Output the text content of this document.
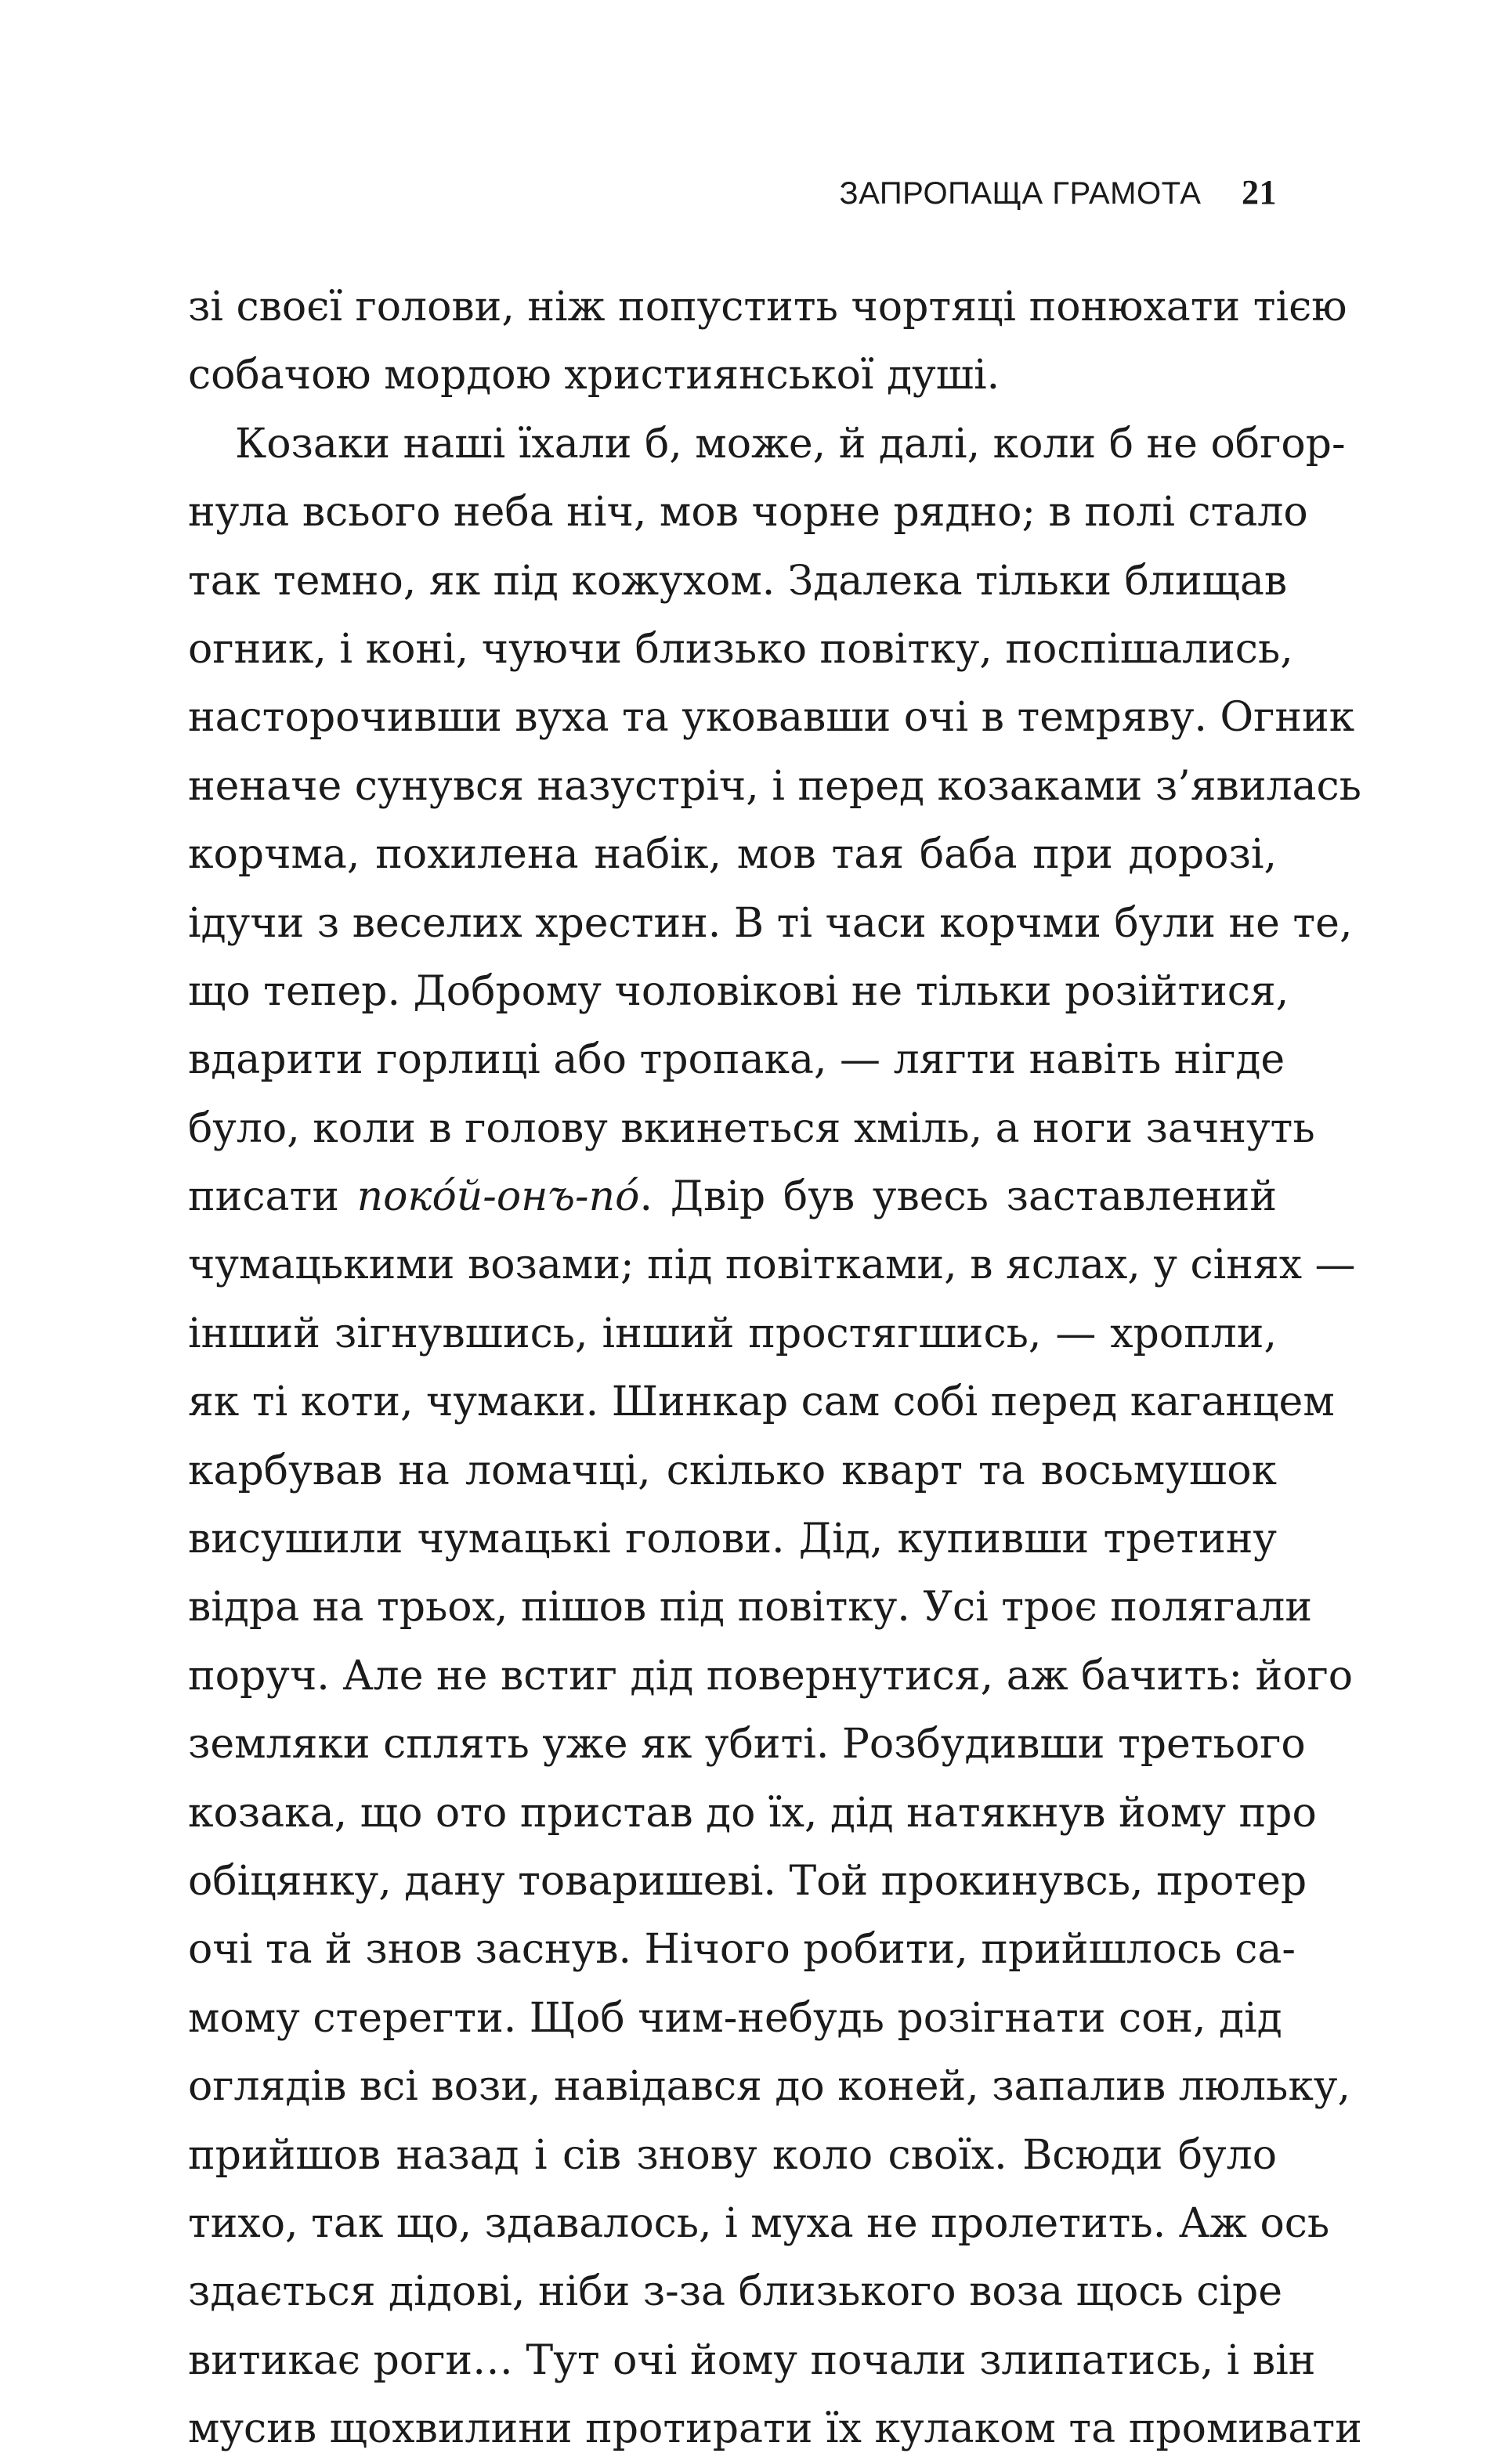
ЗАПРОПАЩА ГРАМОТА 21
зі своєї голови, ніж попустить чортяці понюхати тією
собачою мордою християнської душі.
Козаки наші їхали б, може, й далі, коли б не обгор-
нула всього неба ніч, мов чорне рядно; в полі стало
так темно, як під кожухом. Здалека тільки блищав
огник, і коні, чуючи близько повітку, поспішались,
насторочивши вуха та уковавши очі в темряву. Огник
неначе сунувся назустріч, і перед козаками з’явилась
корчма, похилена набік, мов тая баба при дорозі,
ідучи з веселих хрестин. В ті часи корчми були не те,
що тепер. Доброму чоловікові не тільки розійтися,
вдарити горлиці або тропака, — лягти навіть нігде
було, коли в голову вкинеться хміль, а ноги зачнуть
писати покóй-онъ-пó. Двір був увесь заставлений
чумацькими возами; під повітками, в яслах, у сінях —
інший зігнувшись, інший простягшись, — хропли,
як ті коти, чумаки. Шинкар сам собі перед каганцем
карбував на ломачці, скілько кварт та восьмушок
висушили чумацькі голови. Дід, купивши третину
відра на трьох, пішов під повітку. Усі троє полягали
поруч. Але не встиг дід повернутися, аж бачить: його
земляки сплять уже як убиті. Розбудивши третього
козака, що ото пристав до їх, дід натякнув йому про
обіцянку, дану товаришеві. Той прокинувсь, протер
очі та й знов заснув. Нічого робити, прийшлось са-
мому стерегти. Щоб чим-небудь розігнати сон, дід
оглядів всі вози, навідався до коней, запалив люльку,
прийшов назад і сів знову коло своїх. Всюди було
тихо, так що, здавалось, і муха не пролетить. Аж ось
здається дідові, ніби з-за близького воза щось сіре
витикає роги… Тут очі йому почали злипатись, і він
мусив щохвилини протирати їх кулаком та промивати
